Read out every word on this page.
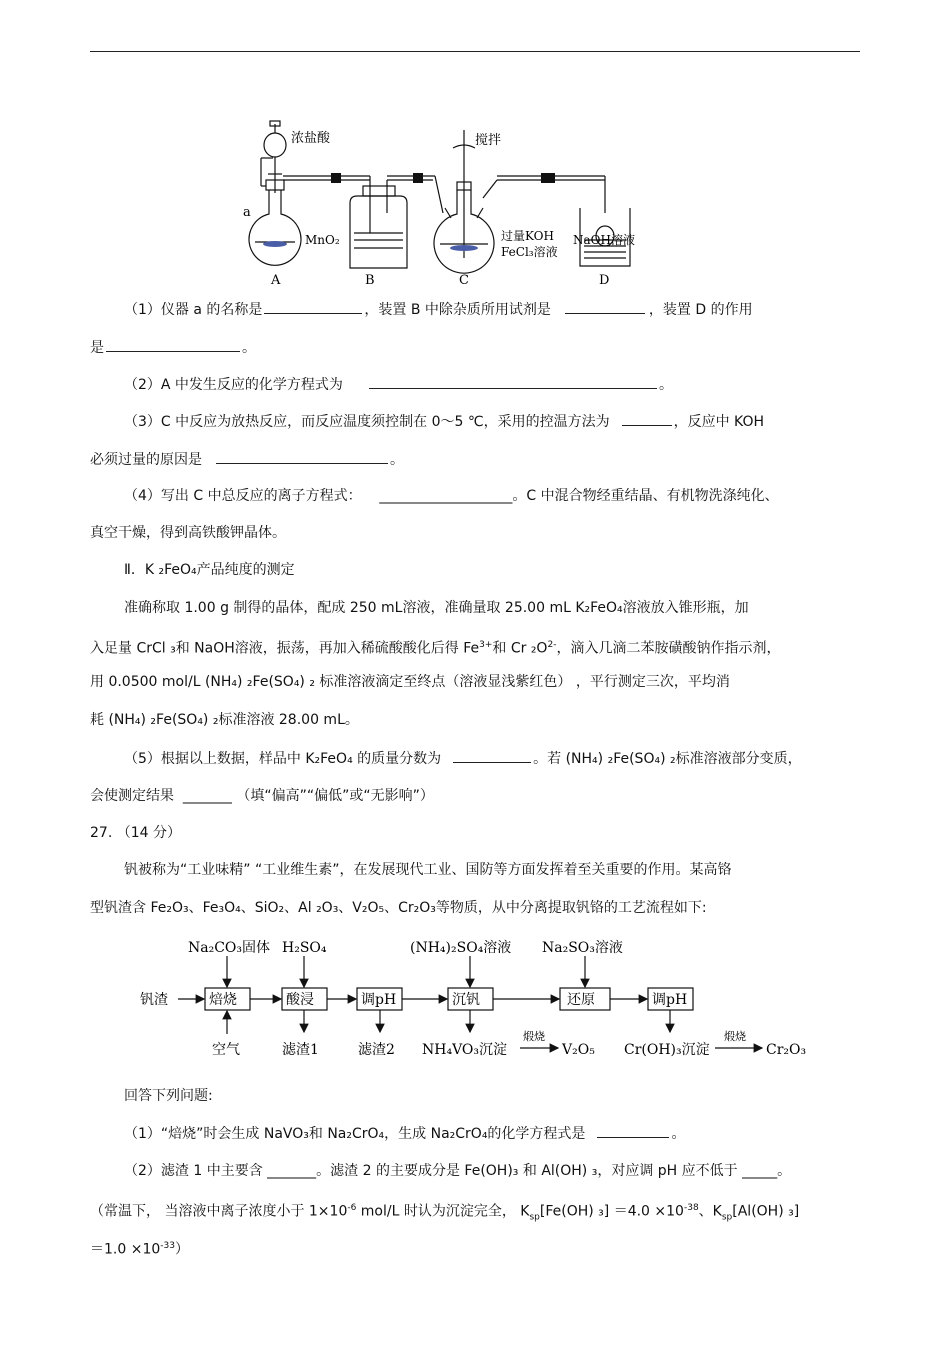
浓盐酸
a
MnO₂
搅拌
过量KOH
FeCl₃溶液
NaOH溶液
A	B	C	D
（1）仪器 a 的名称是	，装置 B 中除杂质所用试剂是	，装置 D 的作用
是	。
（2）A 中发生反应的化学方程式为	。
（3）C 中反应为放热反应，而反应温度须控制在 0～5 ℃，采用的控温方法为	，反应中 KOH
必须过量的原因是	。
（4）写出 C 中总反应的离子方程式： ___________________。C 中混合物经重结晶、有机物洗涤纯化、
真空干燥，得到高铁酸钾晶体。
Ⅱ．K ₂FeO₄产品纯度的测定
准确称取 1.00 g 制得的晶体，配成 250 mL溶液，准确量取 25.00 mL K₂FeO₄溶液放入锥形瓶，加
入足量 CrCl ₃和 NaOH溶液，振荡，再加入稀硫酸酸化后得 $Fe^{3+}$和 Cr $_2O^{2-}$，滴入几滴二苯胺磺酸钠作指示剂，
用 0.0500 mol/L (NH₄) ₂Fe(SO₄) ₂ 标准溶液滴定至终点（溶液显浅紫红色） ，平行测定三次，平均消
耗 (NH₄) ₂Fe(SO₄) ₂标准溶液 28.00 mL。
（5）根据以上数据，样品中 K₂FeO₄ 的质量分数为	。若 (NH₄) ₂Fe(SO₄) ₂标准溶液部分变质，
会使测定结果 _______ （填“偏高”“偏低”或“无影响”）
27. （14 分）
钒被称为“工业味精” “工业维生素”，在发展现代工业、国防等方面发挥着至关重要的作用。某高铬
型钒渣含 Fe₂O₃、Fe₃O₄、SiO₂、Al ₂O₃、V₂O₅、Cr₂O₃等物质，从中分离提取钒铬的工艺流程如下:
钒渣	焙烧	酸浸	调pH	沉钒	还原	调pH
Na₂CO₃固体 H₂SO₄	(NH₄)₂SO₄溶液 Na₂SO₃溶液
空气	滤渣1	滤渣2 NH₄VO₃沉淀	V₂O₅ Cr(OH)₃沉淀	Cr₂O₃
煅烧	煅烧
回答下列问题:
（1）“焙烧”时会生成 NaVO₃和 Na₂CrO₄，生成 Na₂CrO₄的化学方程式是	。
（2）滤渣 1 中主要含 _______。滤渣 2 的主要成分是 Fe(OH)₃ 和 Al(OH) ₃，对应调 pH 应不低于 _____。
（常温下， 当溶液中离子浓度小于 $1\times 10^{-6}$ mol/L 时认为沉淀完全， $K_{sp}[Fe(OH)$ $_3] =4.0 \times 10^{-38}$、$K_{sp}[Al(OH)$ ₃]
$=1.0 \times 10^{-33}$）
